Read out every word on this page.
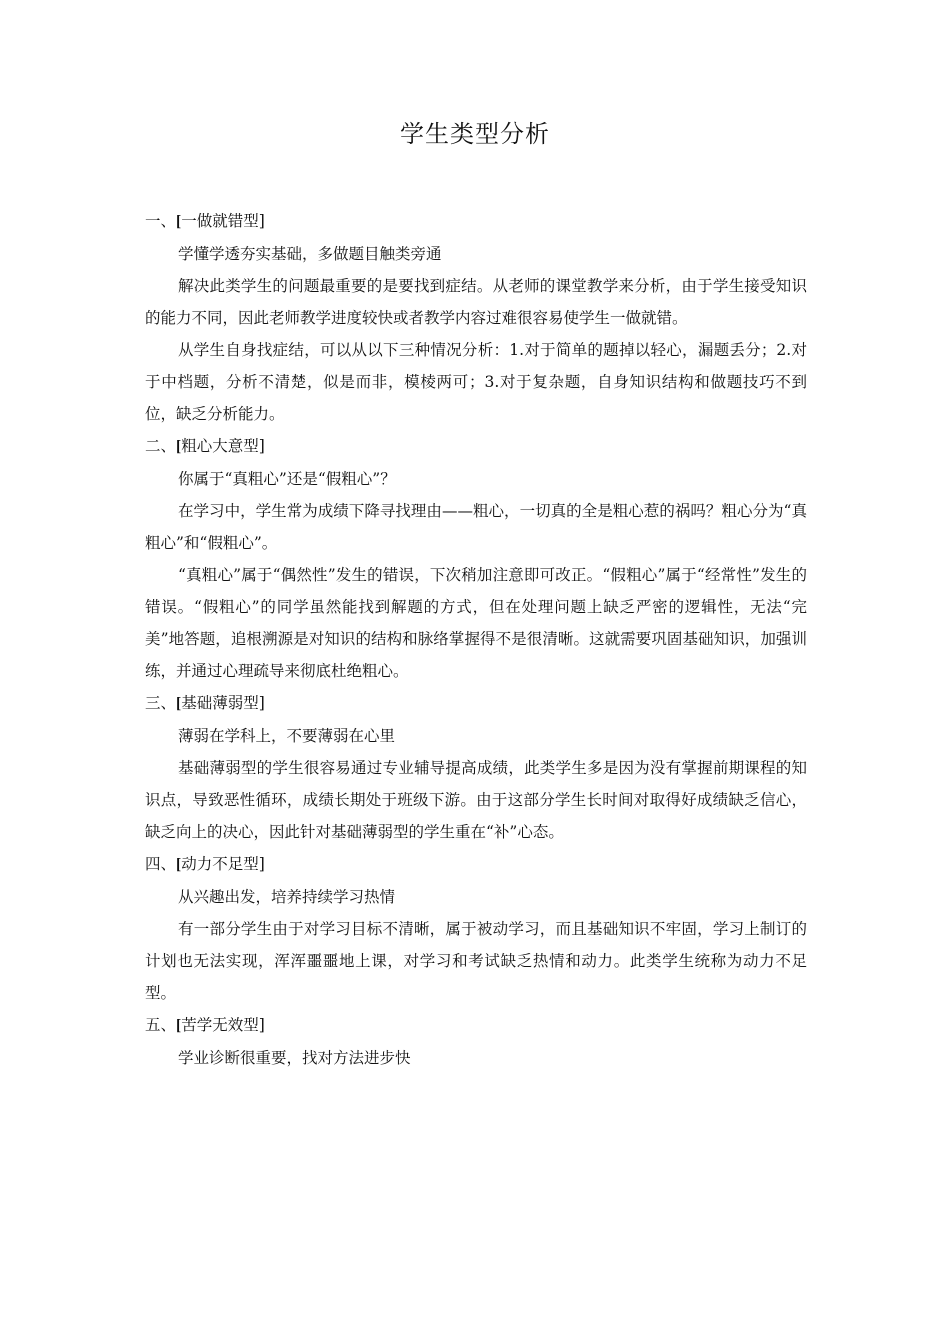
学生类型分析

一、[一做就错型]

学懂学透夯实基础，多做题目触类旁通

解决此类学生的问题最重要的是要找到症结。从老师的课堂教学来分析，由于学生接受知识的能力不同，因此老师教学进度较快或者教学内容过难很容易使学生一做就错。

从学生自身找症结，可以从以下三种情况分析：1.对于简单的题掉以轻心，漏题丢分；2.对于中档题，分析不清楚，似是而非，模棱两可；3.对于复杂题，自身知识结构和做题技巧不到位，缺乏分析能力。

二、[粗心大意型]

你属于“真粗心”还是“假粗心”？

在学习中，学生常为成绩下降寻找理由——粗心，一切真的全是粗心惹的祸吗？粗心分为“真粗心”和“假粗心”。

“真粗心”属于“偶然性”发生的错误，下次稍加注意即可改正。“假粗心”属于“经常性”发生的错误。“假粗心”的同学虽然能找到解题的方式，但在处理问题上缺乏严密的逻辑性，无法“完美”地答题，追根溯源是对知识的结构和脉络掌握得不是很清晰。这就需要巩固基础知识，加强训练，并通过心理疏导来彻底杜绝粗心。

三、[基础薄弱型]

薄弱在学科上，不要薄弱在心里

基础薄弱型的学生很容易通过专业辅导提高成绩，此类学生多是因为没有掌握前期课程的知识点，导致恶性循环，成绩长期处于班级下游。由于这部分学生长时间对取得好成绩缺乏信心，缺乏向上的决心，因此针对基础薄弱型的学生重在“补”心态。

四、[动力不足型]

从兴趣出发，培养持续学习热情

有一部分学生由于对学习目标不清晰，属于被动学习，而且基础知识不牢固，学习上制订的计划也无法实现，浑浑噩噩地上课，对学习和考试缺乏热情和动力。此类学生统称为动力不足型。

五、[苦学无效型]

学业诊断很重要，找对方法进步快
